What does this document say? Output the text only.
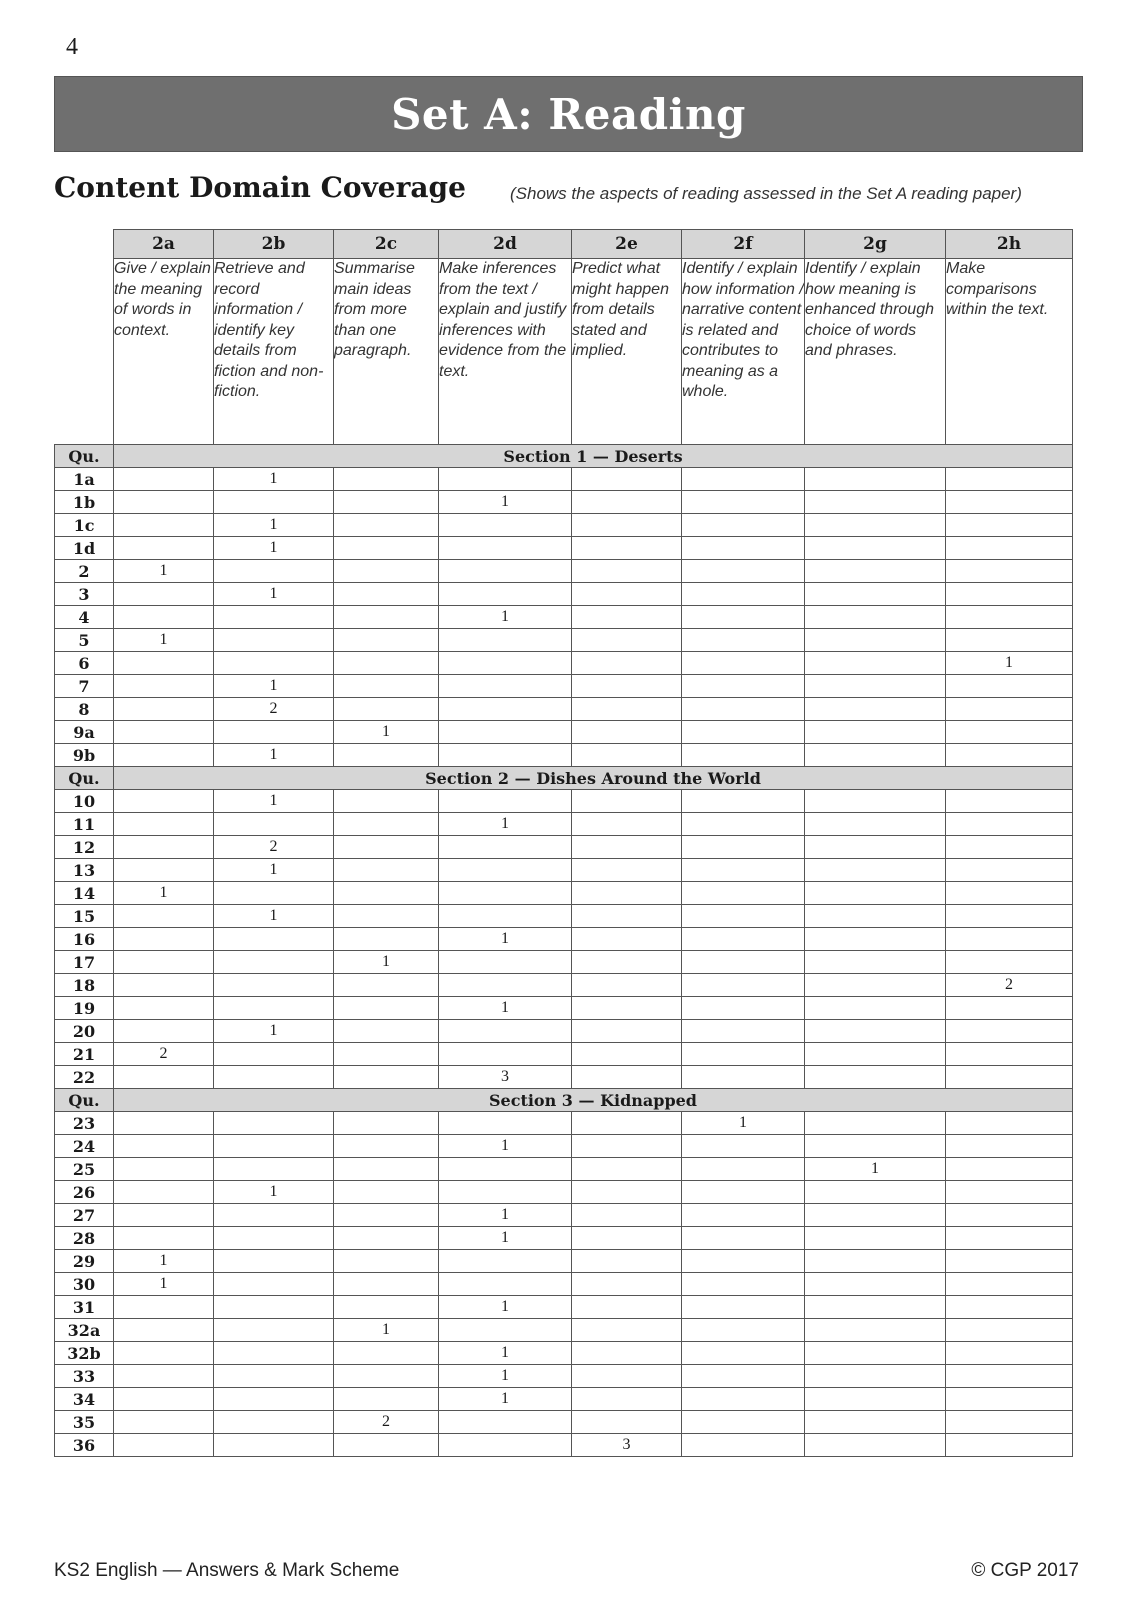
4
Set A: Reading
Content Domain Coverage	(Shows the aspects of reading assessed in the Set A reading paper)
	2a	2b	2c	2d	2e	2f	2g	2h
	Give / explain the meaning of words in context.	Retrieve and record information / identify key details from fiction and non-fiction.	Summarise main ideas from more than one paragraph.	Make inferences from the text / explain and justify inferences with evidence from the text.	Predict what might happen from details stated and implied.	Identify / explain how information / narrative content is related and contributes to meaning as a whole.	Identify / explain how meaning is enhanced through choice of words and phrases.	Make comparisons within the text.
Qu.	Section 1 — Deserts							
1a		1						
1b				1				
1c		1						
1d		1						
2	1							
3		1						
4				1				
5	1							
6								1
7		1						
8		2						
9a			1					
9b		1						
Qu.	Section 2 — Dishes Around the World							
10		1						
11				1				
12		2						
13		1						
14	1							
15		1						
16				1				
17			1					
18								2
19				1				
20		1						
21	2							
22				3				
Qu.	Section 3 — Kidnapped							
23						1		
24				1				
25							1	
26		1						
27				1				
28				1				
29	1							
30	1							
31				1				
32a			1					
32b				1				
33				1				
34				1				
35			2					
36					3			
KS2 English — Answers & Mark Scheme	© CGP 2017
